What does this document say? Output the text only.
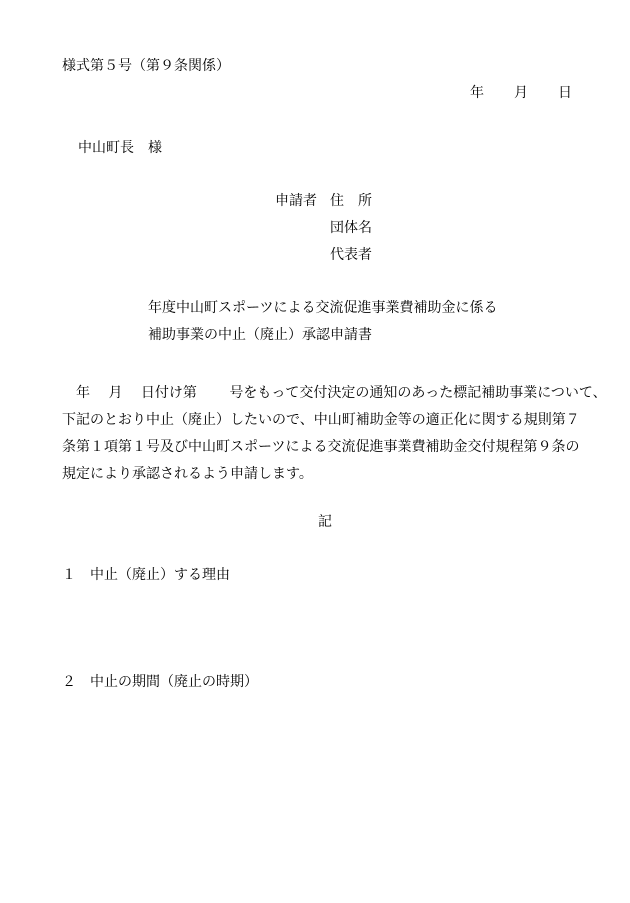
様式第５号（第９条関係）
年 月 日
中山町長　様
申請者 住　所
団体名
代表者
年度中山町スポーツによる交流促進事業費補助金に係る
補助事業の中止（廃止）承認申請書
　年　 月　 日付け第　　 号をもって交付決定の通知のあった標記補助事業について、
下記のとおり中止（廃止）したいので、中山町補助金等の適正化に関する規則第７
条第１項第１号及び中山町スポーツによる交流促進事業費補助金交付規程第９条の
規定により承認されるよう申請します。
記
１ 中止（廃止）する理由
２ 中止の期間（廃止の時期）
